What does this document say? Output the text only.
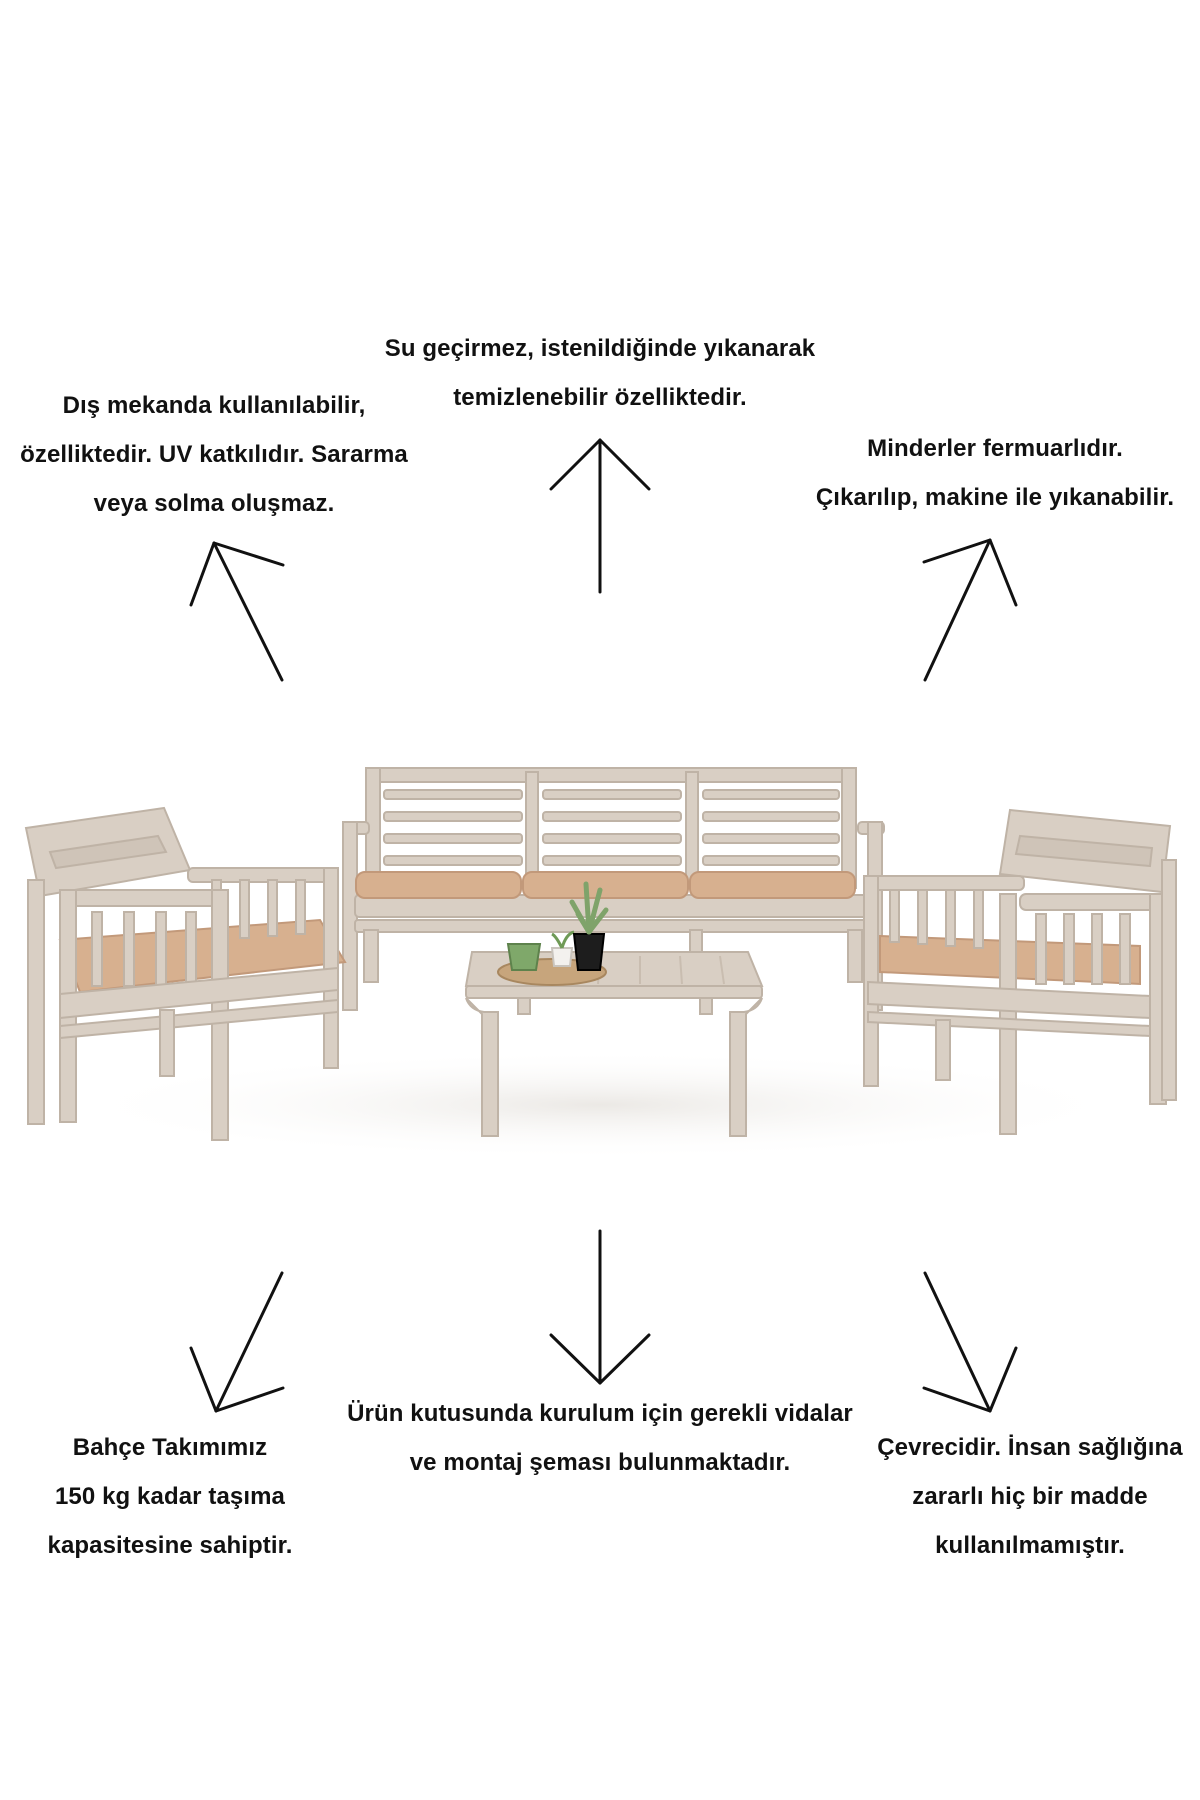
Su geçirmez, istenildiğinde yıkanarak
temizlenebilir özelliktedir.
Dış mekanda kullanılabilir,
özelliktedir. UV katkılıdır. Sararma
veya solma oluşmaz.
Minderler fermuarlıdır.
Çıkarılıp, makine ile yıkanabilir.
Ürün kutusunda kurulum için gerekli vidalar
ve montaj şeması bulunmaktadır.
Bahçe Takımımız
150 kg kadar taşıma
kapasitesine sahiptir.
Çevrecidir. İnsan sağlığına
zararlı hiç bir madde
kullanılmamıştır.
